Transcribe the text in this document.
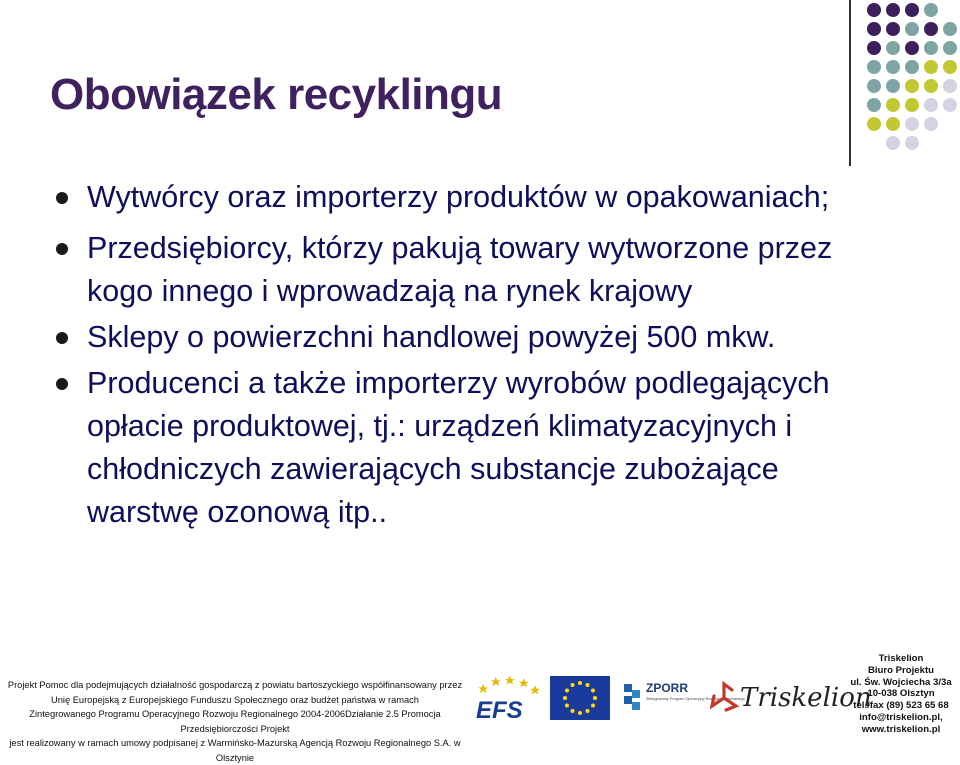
Obowiązek recyklingu
Wytwórcy oraz importerzy produktów w opakowaniach;
Przedsiębiorcy, którzy pakują towary wytworzone przez kogo innego i wprowadzają na rynek krajowy
Sklepy o powierzchni handlowej powyżej 500 mkw.
Producenci a także importerzy wyrobów podlegających opłacie produktowej, tj.: urządzeń klimatyzacyjnych i chłodniczych zawierających substancje zubożające warstwę ozonową itp..
Projekt Pomoc dla podejmujących działalność gospodarczą z powiatu bartoszyckiego współfinansowany przez
Unię Europejską z Europejskiego Funduszu Społecznego oraz budżet państwa w ramach
Zintegrowanego Programu Operacyjnego Rozwoju Regionalnego 2004-2006Działanie 2.5 Promocja Przedsiębiorczości Projekt
jest realizowany w ramach umowy podpisanej z Warmińsko-Mazurską Agencją Rozwoju Regionalnego S.A. w Olsztynie
EFS
ZPORR
Zintegrowany Program Operacyjny Rozwoju Regionalnego
Triskelion
Triskelion
Biuro Projektu
ul. Św. Wojciecha 3/3a
10-038 Olsztyn
tel./fax (89) 523 65 68
info@triskelion.pl,
www.triskelion.pl
